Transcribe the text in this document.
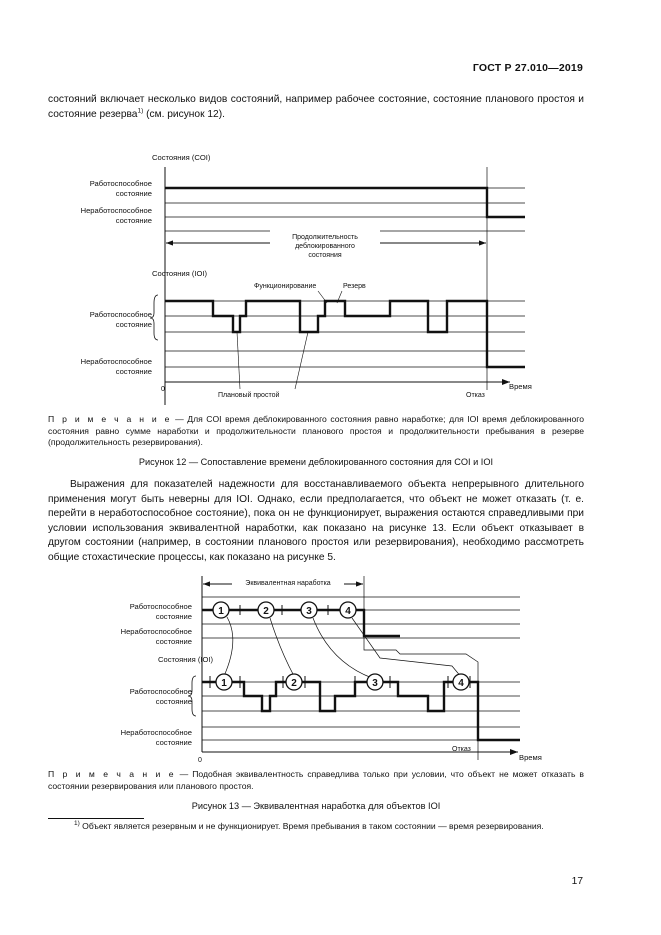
ГОСТ Р 27.010—2019
состояний включает несколько видов состояний, например рабочее состояние, состояние планового простоя и состояние резерва$^{1)}$ (см. рисунок 12).
Состояния (COI)
Работоспособное
состояние
Неработоспособное
состояние
Продолжительность
деблокированного
состояния
Состояния (IOI)
Работоспособное
состояние
Неработоспособное
состояние
Функционирование	Резерв
Плановый простой	Отказ
Время
0
П р и м е ч а н и е — Для COI время деблокированного состояния равно наработке; для IOI время деблокированного состояния равно сумме наработки и продолжительности планового простоя и продолжительности пребывания в резерве (продолжительность резервирования).
Рисунок 12 — Сопоставление времени деблокированного состояния для COI и IOI
Выражения для показателей надежности для восстанавливаемого объекта непрерывного длительного применения могут быть неверны для IOI. Однако, если предполагается, что объект не может отказать (т. е. перейти в неработоспособное состояние), пока он не функционирует, выражения остаются справедливыми при условии использования эквивалентной наработки, как показано на рисунке 13. Если объект отказывает в другом состоянии (например, в состоянии планового простоя или резервирования), необходимо рассмотреть общие стохастические процессы, как показано на рисунке 5.
Эквивалентная наработка
Работоспособное
состояние
Неработоспособное
состояние
1	2	3	4
Состояния (IOI)
Работоспособное
состояние
Неработоспособное
состояние
1	2	3	4
Отказ
Время
0
П р и м е ч а н и е — Подобная эквивалентность справедлива только при условии, что объект не может отказать в состоянии резервирования или планового простоя.
Рисунок 13 — Эквивалентная наработка для объектов IOI
$^{1)}$ Объект является резервным и не функционирует. Время пребывания в таком состоянии — время резервирования.
17
